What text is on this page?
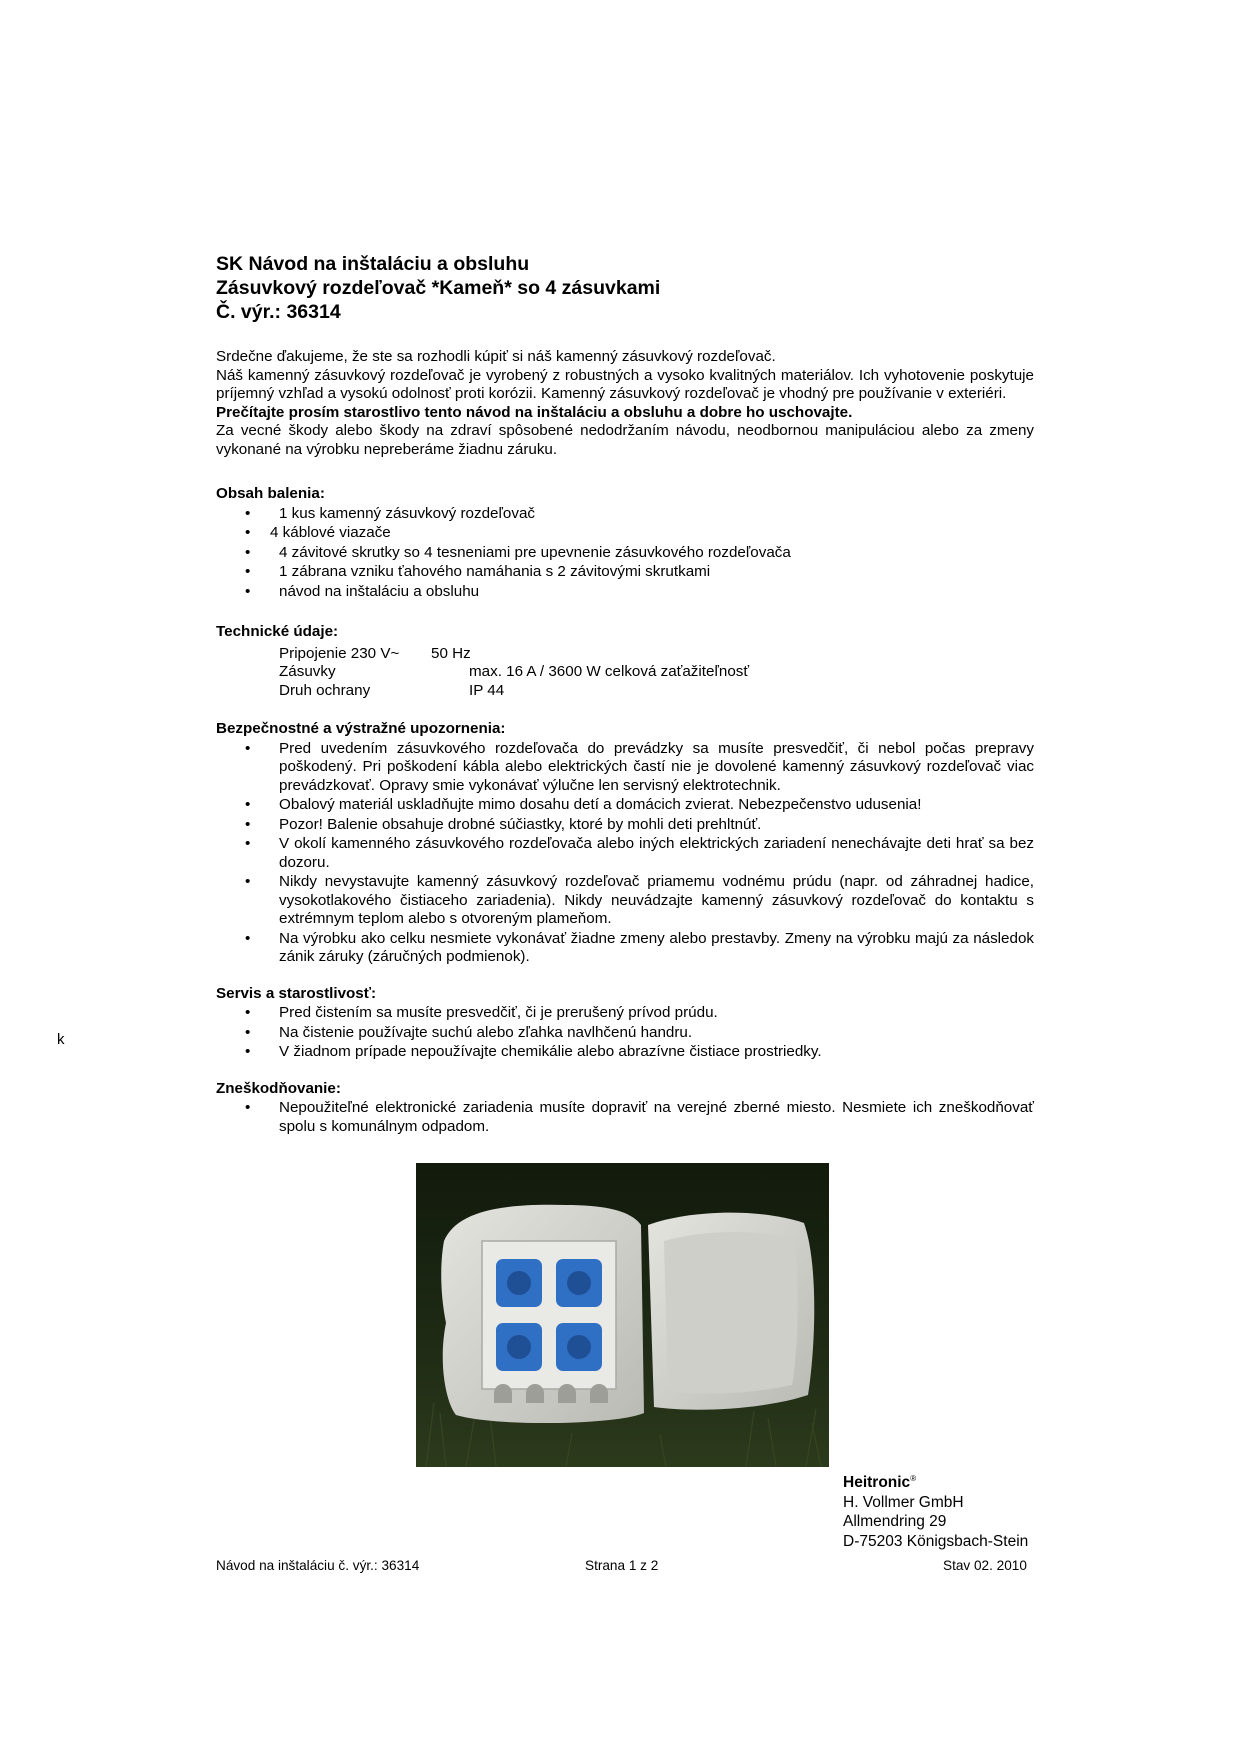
SK Návod na inštaláciu a obsluhu
Zásuvkový rozdeľovač *Kameň* so 4 zásuvkami
Č. výr.: 36314

Srdečne ďakujeme, že ste sa rozhodli kúpiť si náš kamenný zásuvkový rozdeľovač.

Náš kamenný zásuvkový rozdeľovač je vyrobený z robustných a vysoko kvalitných materiálov. Ich vyhotovenie poskytuje príjemný vzhľad a vysokú odolnosť proti korózii. Kamenný zásuvkový rozdeľovač je vhodný pre používanie v exteriéri.

Prečítajte prosím starostlivo tento návod na inštaláciu a obsluhu a dobre ho uschovajte.

Za vecné škody alebo škody na zdraví spôsobené nedodržaním návodu, neodbornou manipuláciou alebo za zmeny vykonané na výrobku nepreberáme žiadnu záruku.

Obsah balenia:
• 1 kus kamenný zásuvkový rozdeľovač
• 4 káblové viazače
• 4 závitové skrutky so 4 tesneniami pre upevnenie zásuvkového rozdeľovača
• 1 zábrana vzniku ťahového namáhania s 2 závitovými skrutkami
• návod na inštaláciu a obsluhu
Technické údaje:
Pripojenie 230 V~ 50 Hz
Zásuvky	max. 16 A / 3600 W celková zaťažiteľnosť
Druh ochrany	IP 44
Bezpečnostné a výstražné upozornenia:
• Pred uvedením zásuvkového rozdeľovača do prevádzky sa musíte presvedčiť, či nebol počas prepravy poškodený. Pri poškodení kábla alebo elektrických častí nie je dovolené kamenný zásuvkový rozdeľovač viac prevádzkovať. Opravy smie vykonávať výlučne len servisný elektrotechnik.
• Obalový materiál uskladňujte mimo dosahu detí a domácich zvierat. Nebezpečenstvo udusenia!
• Pozor! Balenie obsahuje drobné súčiastky, ktoré by mohli deti prehltnúť.
• V okolí kamenného zásuvkového rozdeľovača alebo iných elektrických zariadení nenechávajte deti hrať sa bez dozoru.
• Nikdy nevystavujte kamenný zásuvkový rozdeľovač priamemu vodnému prúdu (napr. od záhradnej hadice, vysokotlakového čistiaceho zariadenia). Nikdy neuvádzajte kamenný zásuvkový rozdeľovač do kontaktu s extrémnym teplom alebo s otvoreným plameňom.
• Na výrobku ako celku nesmiete vykonávať žiadne zmeny alebo prestavby. Zmeny na výrobku majú za následok zánik záruky (záručných podmienok).
Servis a starostlivosť:
• Pred čistením sa musíte presvedčiť, či je prerušený prívod prúdu.
• Na čistenie používajte suchú alebo zľahka navlhčenú handru.
• V žiadnom prípade nepoužívajte chemikálie alebo abrazívne čistiace prostriedky.
Zneškodňovanie:
• Nepoužiteľné elektronické zariadenia musíte dopraviť na verejné zberné miesto. Nesmiete ich zneškodňovať spolu s komunálnym odpadom.
k
Heitronic®
H. Vollmer GmbH
Allmendring 29
D-75203 Königsbach-Stein
Návod na inštaláciu č. výr.: 36314	Strana 1 z 2	Stav 02. 2010
